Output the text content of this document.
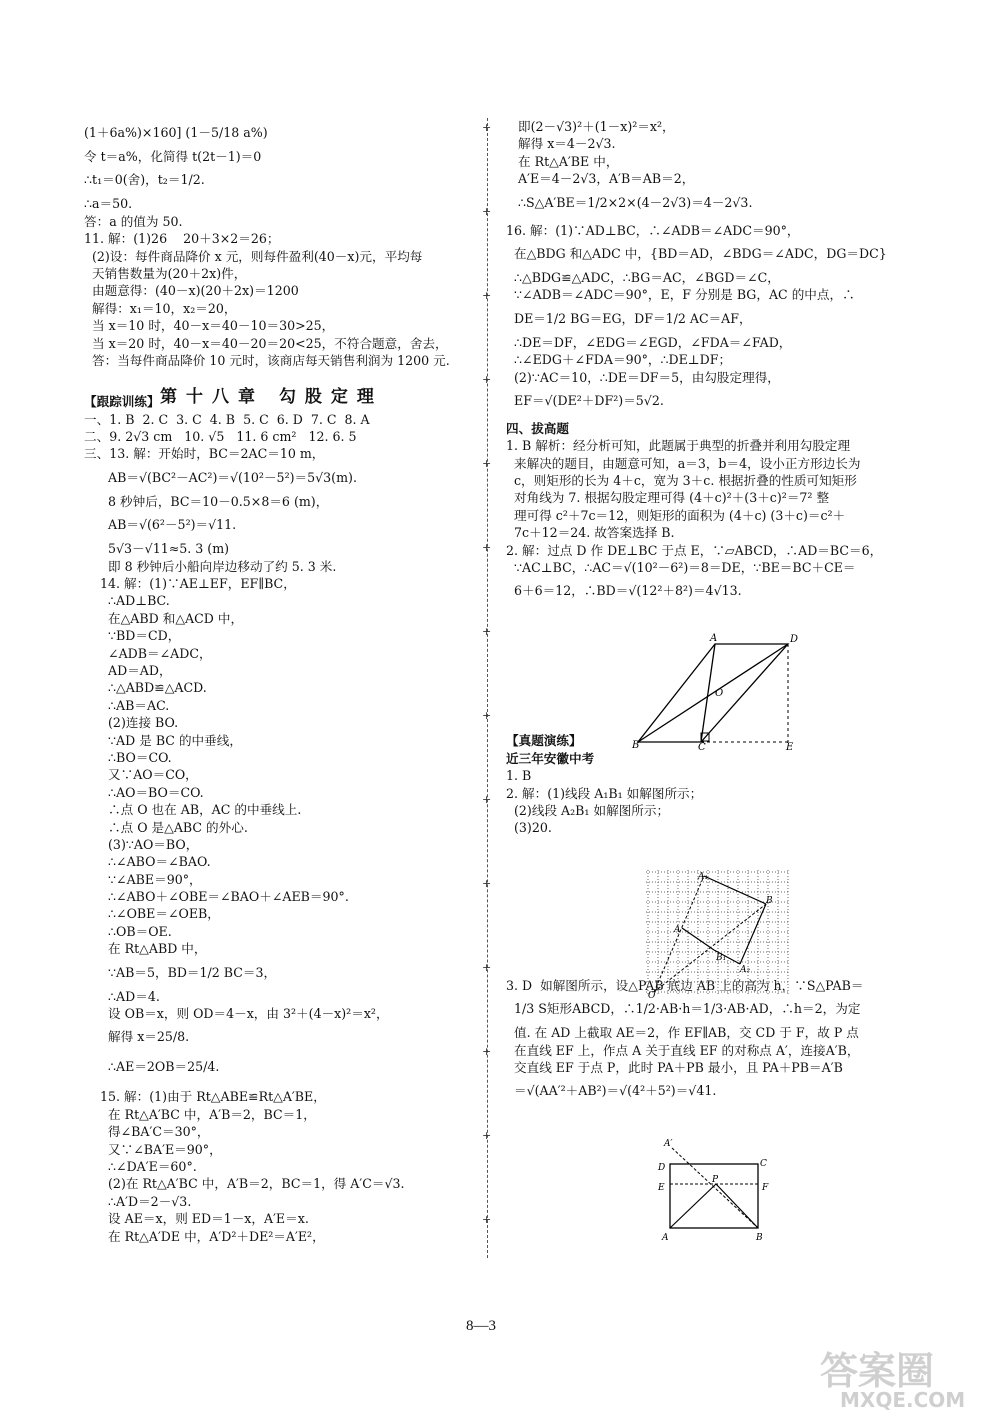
(1＋6a%)×160] (1－5/18 a%)
令 t＝a%，化简得 t(2t－1)＝0
∴t₁＝0(舍)，t₂＝1/2.
∴a＝50.
答：a 的值为 50.
11. 解：(1)26    20＋3×2＝26；
(2)设：每件商品降价 x 元，则每件盈利(40－x)元，平均每
天销售数量为(20＋2x)件，
由题意得：(40－x)(20＋2x)＝1200
解得：x₁＝10，x₂＝20，
当 x＝10 时，40－x＝40－10＝30>25，
当 x＝20 时，40－x＝40－20＝20<25，不符合题意，舍去，
答：当每件商品降价 10 元时，该商店每天销售利润为 1200 元.
【跟踪训练】
一、1. B  2. C  3. C  4. B  5. C  6. D  7. C  8. A
二、9. 2√3 cm   10. √5   11. 6 cm²   12. 6. 5
三、13. 解：开始时，BC＝2AC＝10 m，
AB＝√(BC²－AC²)＝√(10²－5²)＝5√3(m).
8 秒钟后，BC＝10－0.5×8＝6 (m)，
AB＝√(6²－5²)＝√11.
5√3－√11≈5. 3 (m)
即 8 秒钟后小船向岸边移动了约 5. 3 米.
14. 解：(1)∵AE⊥EF，EF∥BC，
∴AD⊥BC.
在△ABD 和△ACD 中，
∵BD＝CD，
∠ADB＝∠ADC，
AD＝AD，
∴△ABD≌△ACD.
∴AB＝AC.
(2)连接 BO.
∵AD 是 BC 的中垂线，
∴BO＝CO.
又∵AO＝CO，
∴AO＝BO＝CO.
∴点 O 也在 AB，AC 的中垂线上.
∴点 O 是△ABC 的外心.
(3)∵AO＝BO，
∴∠ABO＝∠BAO.
∵∠ABE＝90°，
∴∠ABO＋∠OBE＝∠BAO＋∠AEB＝90°.
∴∠OBE＝∠OEB，
∴OB＝OE.
在 Rt△ABD 中，
∵AB＝5，BD＝1/2 BC＝3，
∴AD＝4.
设 OB＝x，则 OD＝4－x，由 3²＋(4－x)²＝x²，
解得 x＝25/8.
∴AE＝2OB＝25/4.
15. 解：(1)由于 Rt△ABE≌Rt△A′BE，
在 Rt△A′BC 中，A′B＝2，BC＝1，
得∠BA′C＝30°，
又∵∠BA′E＝90°，
∴∠DA′E＝60°.
(2)在 Rt△A′BC 中，A′B＝2，BC＝1，得 A′C＝√3.
∴A′D＝2－√3.
设 AE＝x，则 ED＝1－x，A′E＝x.
在 Rt△A′DE 中，A′D²＋DE²＝A′E²，
第十八章 勾股定理
+
+
+
+
+
+
+
+
+
+
+
+
+
+
即(2－√3)²＋(1－x)²＝x²，
解得 x＝4－2√3.
在 Rt△A′BE 中，
A′E＝4－2√3，A′B＝AB＝2，
∴S△A′BE＝1/2×2×(4－2√3)＝4－2√3.
16. 解：(1)∵AD⊥BC，∴∠ADB＝∠ADC＝90°，
在△BDG 和△ADC 中，{BD＝AD，∠BDG＝∠ADC，DG＝DC}
∴△BDG≌△ADC，∴BG＝AC，∠BGD＝∠C，
∵∠ADB＝∠ADC＝90°，E，F 分别是 BG，AC 的中点，∴
DE＝1/2 BG＝EG，DF＝1/2 AC＝AF，
∴DE＝DF，∠EDG＝∠EGD，∠FDA＝∠FAD，
∴∠EDG＋∠FDA＝90°，∴DE⊥DF；
(2)∵AC＝10，∴DE＝DF＝5，由勾股定理得，
EF＝√(DE²＋DF²)＝5√2.
四、拔高题
1. B 解析：经分析可知，此题属于典型的折叠并利用勾股定理
来解决的题目，由题意可知，a＝3，b＝4，设小正方形边长为
c，则矩形的长为 4＋c，宽为 3＋c. 根据折叠的性质可知矩形
对角线为 7. 根据勾股定理可得 (4＋c)²＋(3＋c)²＝7² 整
理可得 c²＋7c＝12，则矩形的面积为 (4＋c) (3＋c)＝c²＋
7c＋12＝24. 故答案选择 B.
2. 解：过点 D 作 DE⊥BC 于点 E，∵▱ABCD，∴AD＝BC＝6，
∵AC⊥BC，∴AC＝√(10²－6²)＝8＝DE，∵BE＝BC＋CE＝
6＋6＝12，∴BD＝√(12²＋8²)＝4√13.
【真题演练】
近三年安徽中考
1. B
2. 解：(1)线段 A₁B₁ 如解图所示；
(2)线段 A₂B₁ 如解图所示；
(3)20.
3. D  如解图所示，设△PAB 底边 AB 上的高为 h，∵S△PAB＝
1/3 S矩形ABCD，∴1/2·AB·h＝1/3·AB·AD，∴h＝2，为定
值. 在 AD 上截取 AE＝2，作 EF∥AB，交 CD 于 F，故 P 点
在直线 EF 上，作点 A 关于直线 EF 的对称点 A′，连接A′B，
交直线 EF 于点 P，此时 PA＋PB 最小，且 PA＋PB＝A′B
＝√(AA′²＋AB²)＝√(4²＋5²)＝√41.
A	D
O
B	C	E
A₁
B
A
B₁
A₂
O
A′
D	C
E
P
F
A	B
8—3
答案圈
MXQE.COM
